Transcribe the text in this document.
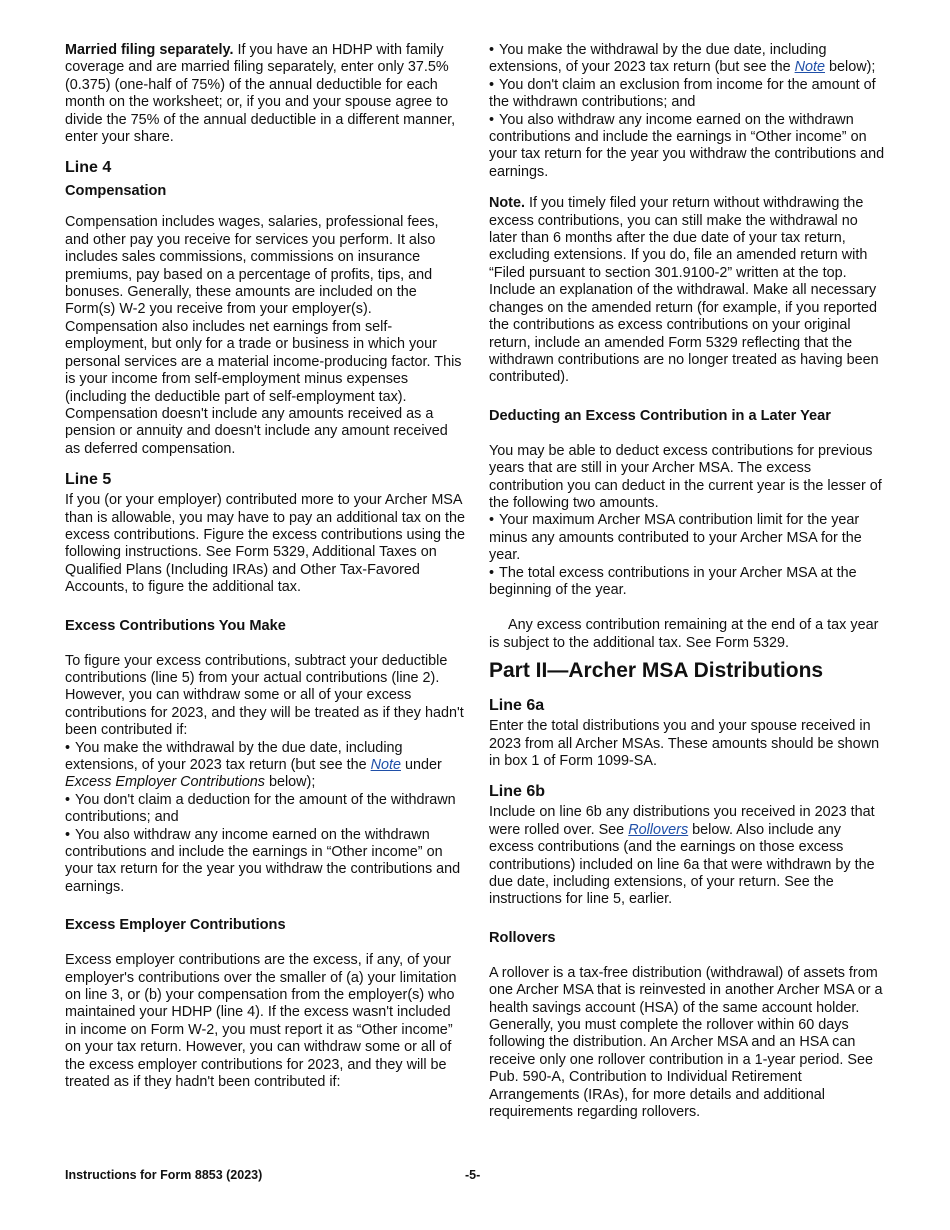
Married filing separately. If you have an HDHP with family coverage and are married filing separately, enter only 37.5% (0.375) (one-half of 75%) of the annual deductible for each month on the worksheet; or, if you and your spouse agree to divide the 75% of the annual deductible in a different manner, enter your share.

Line 4
Compensation

Compensation includes wages, salaries, professional fees, and other pay you receive for services you perform. It also includes sales commissions, commissions on insurance premiums, pay based on a percentage of profits, tips, and bonuses. Generally, these amounts are included on the Form(s) W-2 you receive from your employer(s). Compensation also includes net earnings from self-employment, but only for a trade or business in which your personal services are a material income-producing factor. This is your income from self-employment minus expenses (including the deductible part of self-employment tax). Compensation doesn't include any amounts received as a pension or annuity and doesn't include any amount received as deferred compensation.

Line 5

If you (or your employer) contributed more to your Archer MSA than is allowable, you may have to pay an additional tax on the excess contributions. Figure the excess contributions using the following instructions. See Form 5329, Additional Taxes on Qualified Plans (Including IRAs) and Other Tax-Favored Accounts, to figure the additional tax.

Excess Contributions You Make

To figure your excess contributions, subtract your deductible contributions (line 5) from your actual contributions (line 2). However, you can withdraw some or all of your excess contributions for 2023, and they will be treated as if they hadn't been contributed if:

• You make the withdrawal by the due date, including extensions, of your 2023 tax return (but see the Note under Excess Employer Contributions below);
• You don't claim a deduction for the amount of the withdrawn contributions; and
• You also withdraw any income earned on the withdrawn contributions and include the earnings in “Other income” on your tax return for the year you withdraw the contributions and earnings.
Excess Employer Contributions

Excess employer contributions are the excess, if any, of your employer's contributions over the smaller of (a) your limitation on line 3, or (b) your compensation from the employer(s) who maintained your HDHP (line 4). If the excess wasn't included in income on Form W-2, you must report it as “Other income” on your tax return. However, you can withdraw some or all of the excess employer contributions for 2023, and they will be treated as if they hadn't been contributed if:

• You make the withdrawal by the due date, including extensions, of your 2023 tax return (but see the Note below);
• You don't claim an exclusion from income for the amount of the withdrawn contributions; and
• You also withdraw any income earned on the withdrawn contributions and include the earnings in “Other income” on your tax return for the year you withdraw the contributions and earnings.

Note. If you timely filed your return without withdrawing the excess contributions, you can still make the withdrawal no later than 6 months after the due date of your tax return, excluding extensions. If you do, file an amended return with “Filed pursuant to section 301.9100-2” written at the top. Include an explanation of the withdrawal. Make all necessary changes on the amended return (for example, if you reported the contributions as excess contributions on your original return, include an amended Form 5329 reflecting that the withdrawn contributions are no longer treated as having been contributed).

Deducting an Excess Contribution in a Later Year

You may be able to deduct excess contributions for previous years that are still in your Archer MSA. The excess contribution you can deduct in the current year is the lesser of the following two amounts.

• Your maximum Archer MSA contribution limit for the year minus any amounts contributed to your Archer MSA for the year.
• The total excess contributions in your Archer MSA at the beginning of the year.

Any excess contribution remaining at the end of a tax year is subject to the additional tax. See Form 5329.

Part II—Archer MSA Distributions
Line 6a

Enter the total distributions you and your spouse received in 2023 from all Archer MSAs. These amounts should be shown in box 1 of Form 1099-SA.

Line 6b

Include on line 6b any distributions you received in 2023 that were rolled over. See Rollovers below. Also include any excess contributions (and the earnings on those excess contributions) included on line 6a that were withdrawn by the due date, including extensions, of your return. See the instructions for line 5, earlier.

Rollovers

A rollover is a tax-free distribution (withdrawal) of assets from one Archer MSA that is reinvested in another Archer MSA or a health savings account (HSA) of the same account holder. Generally, you must complete the rollover within 60 days following the distribution. An Archer MSA and an HSA can receive only one rollover contribution in a 1-year period. See Pub. 590-A, Contribution to Individual Retirement Arrangements (IRAs), for more details and additional requirements regarding rollovers.

Instructions for Form 8853 (2023)	-5-
